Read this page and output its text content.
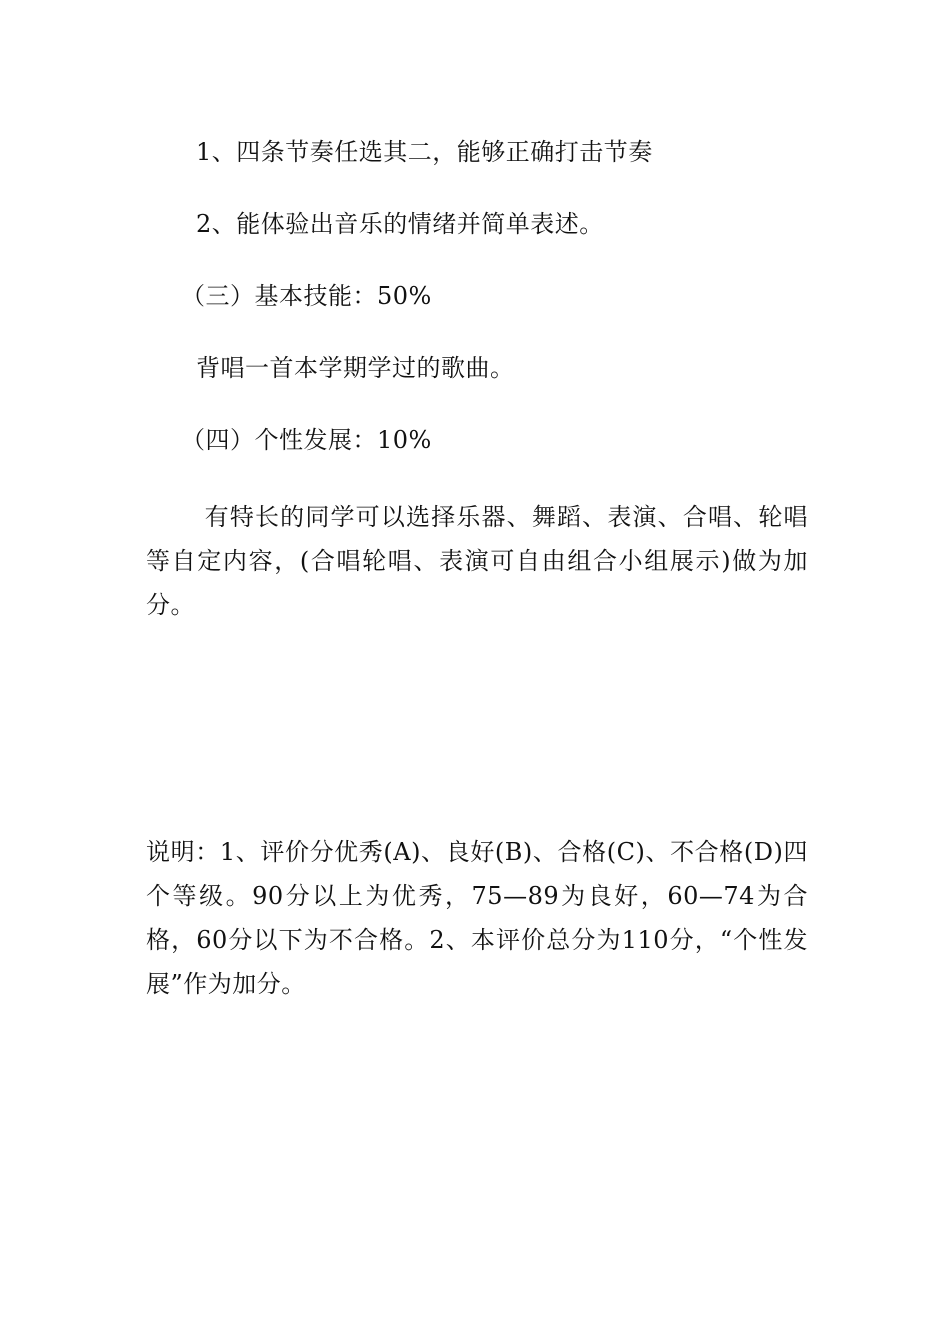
1、四条节奏任选其二，能够正确打击节奏
2、能体验出音乐的情绪并简单表述。
（三）基本技能：50%
背唱一首本学期学过的歌曲。
（四）个性发展：10%
有特长的同学可以选择乐器、舞蹈、表演、合唱、轮唱等自定内容，(合唱轮唱、表演可自由组合小组展示)做为加分。
说明：1、评价分优秀(A)、良好(B)、合格(C)、不合格(D)四个等级。90分以上为优秀，75—89为良好，60—74为合格，60分以下为不合格。2、本评价总分为110分，“个性发展”作为加分。
